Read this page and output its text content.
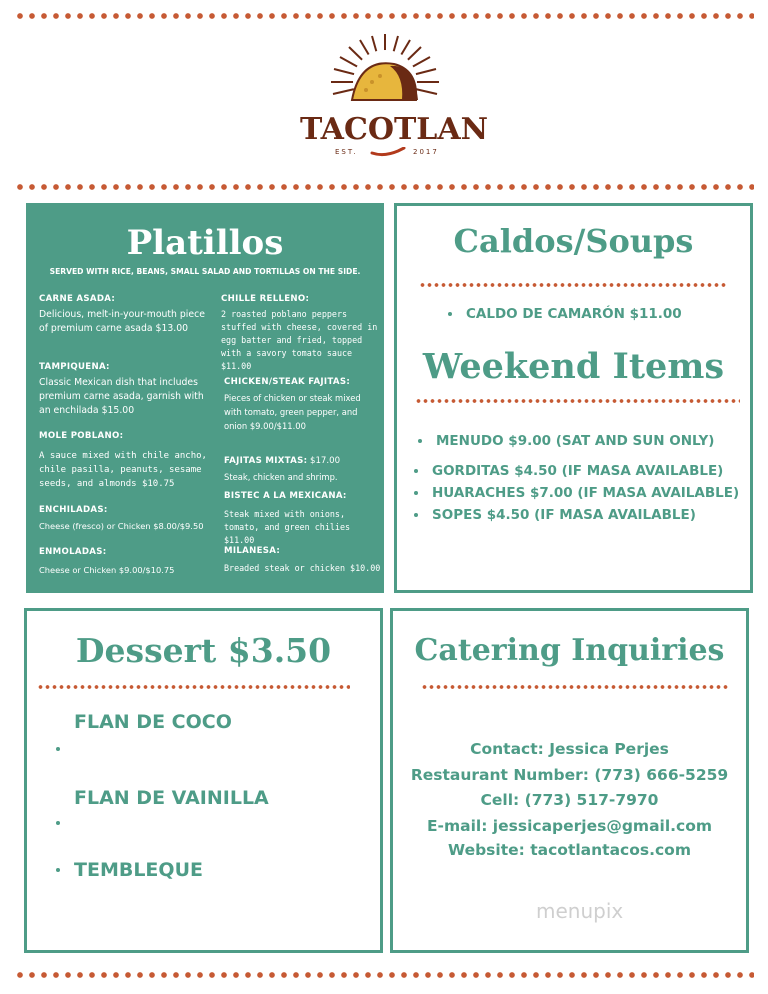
TACOTLAN
EST.	2017
Platillos
SERVED WITH RICE, BEANS, SMALL SALAD AND TORTILLAS ON THE SIDE.
CARNE ASADA:
Delicious, melt-in-your-mouth piece of premium carne asada $13.00
TAMPIQUENA:
Classic Mexican dish that includes premium carne asada, garnish with an enchilada $15.00
MOLE POBLANO:
A sauce mixed with chile ancho, chile pasilla, peanuts, sesame seeds, and almonds $10.75
ENCHILADAS:
Cheese (fresco) or Chicken $8.00/$9.50
ENMOLADAS:
Cheese or Chicken $9.00/$10.75
CHILLE RELLENO:
2 roasted poblano peppers stuffed with cheese, covered in egg batter and fried, topped with a savory tomato sauce $11.00
CHICKEN/STEAK FAJITAS:
Pieces of chicken or steak mixed with tomato, green pepper, and onion $9.00/$11.00
FAJITAS MIXTAS: $17.00
Steak, chicken and shrimp.
BISTEC A LA MEXICANA:
Steak mixed with onions, tomato, and green chilies $11.00
MILANESA:
Breaded steak or chicken $10.00
Caldos/Soups
CALDO DE CAMARÓN $11.00
Weekend Items
MENUDO $9.00 (SAT AND SUN ONLY)
GORDITAS $4.50 (IF MASA AVAILABLE)
HUARACHES $7.00 (IF MASA AVAILABLE)
SOPES $4.50 (IF MASA AVAILABLE)
Dessert $3.50
FLAN DE COCO
FLAN DE VAINILLA
TEMBLEQUE
Catering Inquiries
Contact: Jessica Perjes
Restaurant Number: (773) 666-5259
Cell: (773) 517-7970
E-mail: jessicaperjes@gmail.com
Website: tacotlantacos.com
menupix
